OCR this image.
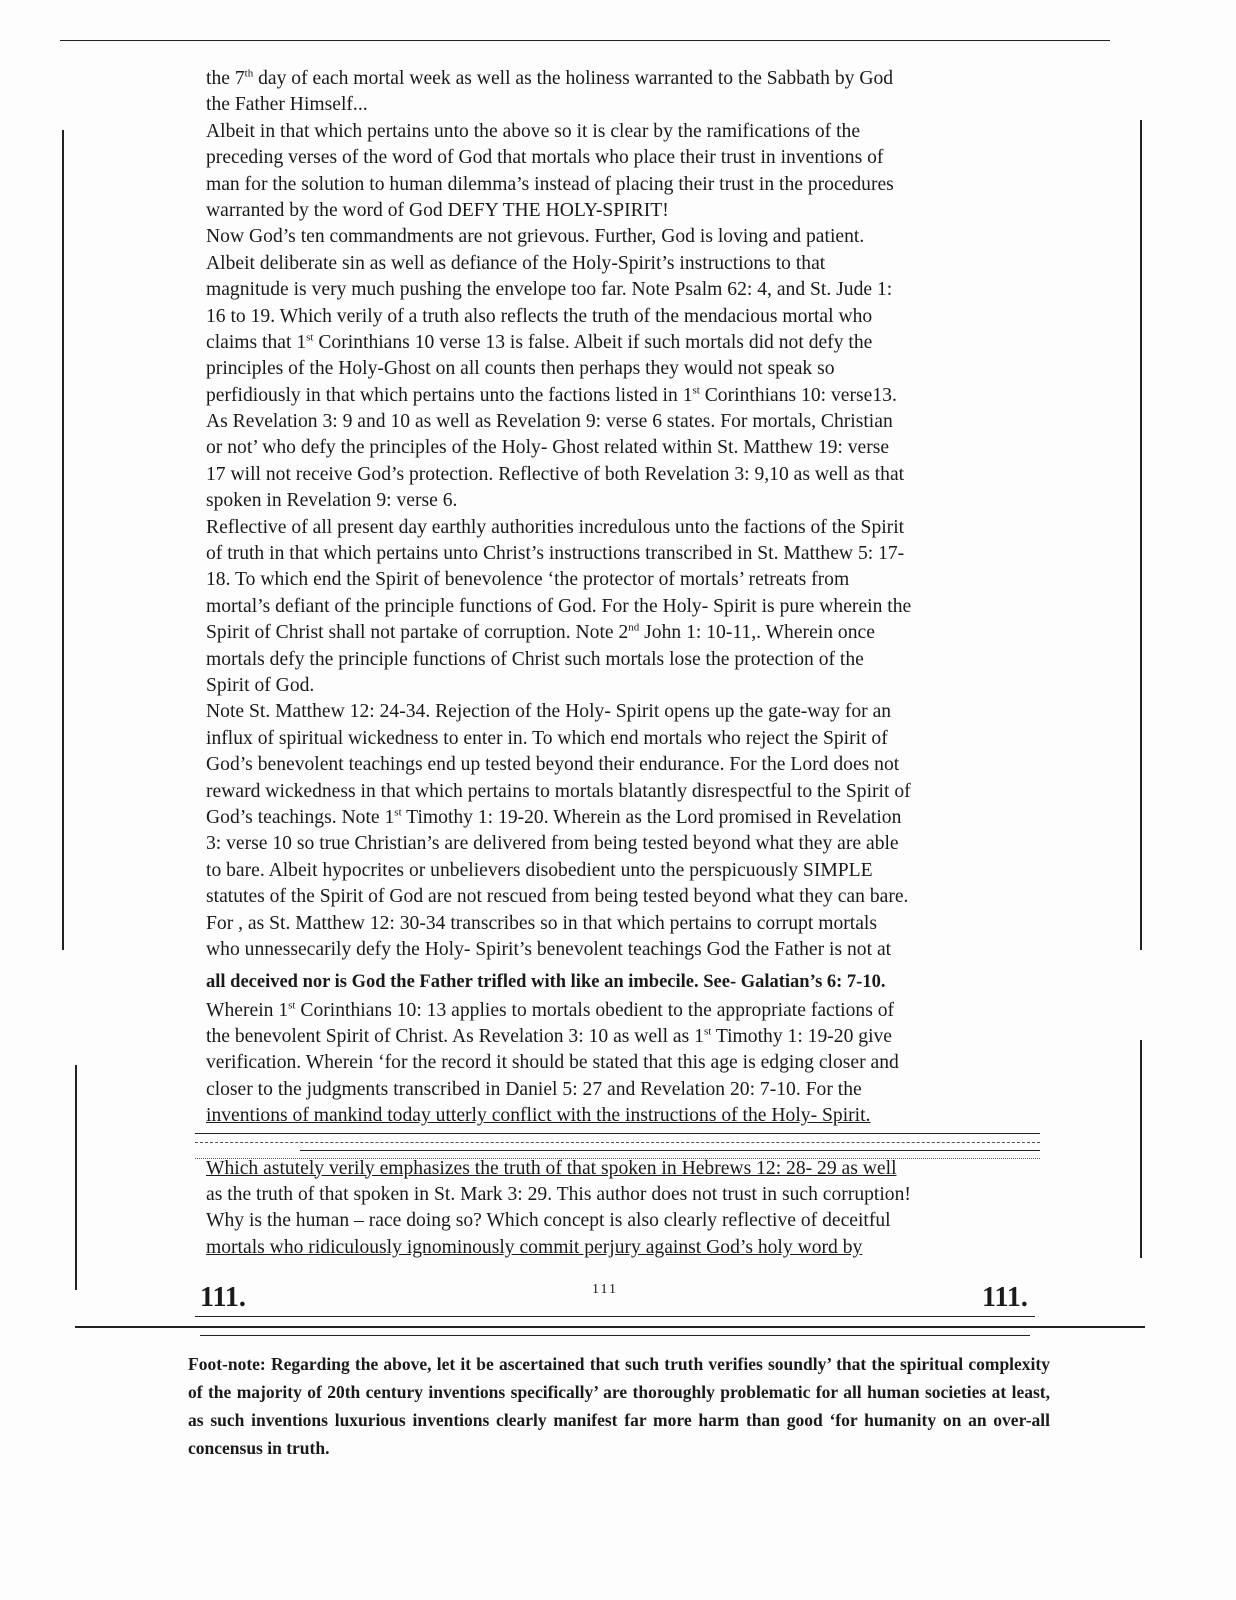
the 7th day of each mortal week as well as the holiness warranted to the Sabbath by God
the Father Himself...
Albeit in that which pertains unto the above so it is clear by the ramifications of the
preceding verses of the word of God that mortals who place their trust in inventions of
man for the solution to human dilemma’s instead of placing their trust in the procedures
warranted by the word of God DEFY THE HOLY-SPIRIT!
Now God’s ten commandments are not grievous. Further, God is loving and patient.
Albeit deliberate sin as well as defiance of the Holy-Spirit’s instructions to that
magnitude is very much pushing the envelope too far. Note Psalm 62: 4, and St. Jude 1:
16 to 19. Which verily of a truth also reflects the truth of the mendacious mortal who
claims that 1st Corinthians 10 verse 13 is false. Albeit if such mortals did not defy the
principles of the Holy-Ghost on all counts then perhaps they would not speak so
perfidiously in that which pertains unto the factions listed in 1st Corinthians 10: verse13.
As Revelation 3: 9 and 10 as well as Revelation 9: verse 6 states. For mortals, Christian
or not’ who defy the principles of the Holy- Ghost related within St. Matthew 19: verse
17 will not receive God’s protection. Reflective of both Revelation 3: 9,10 as well as that
spoken in Revelation 9: verse 6.
Reflective of all present day earthly authorities incredulous unto the factions of the Spirit
of truth in that which pertains unto Christ’s instructions transcribed in St. Matthew 5: 17-
18. To which end the Spirit of benevolence ‘the protector of mortals’ retreats from
mortal’s defiant of the principle functions of God. For the Holy- Spirit is pure wherein the
Spirit of Christ shall not partake of corruption. Note 2nd John 1: 10-11,. Wherein once
mortals defy the principle functions of Christ such mortals lose the protection of the
Spirit of God.
Note St. Matthew 12: 24-34. Rejection of the Holy- Spirit opens up the gate-way for an
influx of spiritual wickedness to enter in. To which end mortals who reject the Spirit of
God’s benevolent teachings end up tested beyond their endurance. For the Lord does not
reward wickedness in that which pertains to mortals blatantly disrespectful to the Spirit of
God’s teachings. Note 1st Timothy 1: 19-20. Wherein as the Lord promised in Revelation
3: verse 10 so true Christian’s are delivered from being tested beyond what they are able
to bare. Albeit hypocrites or unbelievers disobedient unto the perspicuously SIMPLE
statutes of the Spirit of God are not rescued from being tested beyond what they can bare.
For , as St. Matthew 12: 30-34 transcribes so in that which pertains to corrupt mortals
who unnessecarily defy the Holy- Spirit’s benevolent teachings God the Father is not at
all deceived nor is God the Father trifled with like an imbecile. See- Galatian’s 6: 7-10.
Wherein 1st Corinthians 10: 13 applies to mortals obedient to the appropriate factions of
the benevolent Spirit of Christ. As Revelation 3: 10 as well as 1st Timothy 1: 19-20 give
verification. Wherein ‘for the record it should be stated that this age is edging closer and
closer to the judgments transcribed in Daniel 5: 27 and Revelation 20: 7-10. For the
inventions of mankind today utterly conflict with the instructions of the Holy- Spirit.
Which astutely verily emphasizes the truth of that spoken in Hebrews 12: 28- 29 as well
as the truth of that spoken in St. Mark 3: 29. This author does not trust in such corruption!
Why is the human – race doing so? Which concept is also clearly reflective of deceitful
mortals who ridiculously ignominously commit perjury against God’s holy word by
111.	111	111.
Foot-note: Regarding the above, let it be ascertained that such truth verifies soundly’ that the spiritual complexity of the majority of 20th century inventions specifically’ are thoroughly problematic for all human societies at least, as such inventions luxurious inventions clearly manifest far more harm than good ‘for humanity on an over-all concensus in truth.
